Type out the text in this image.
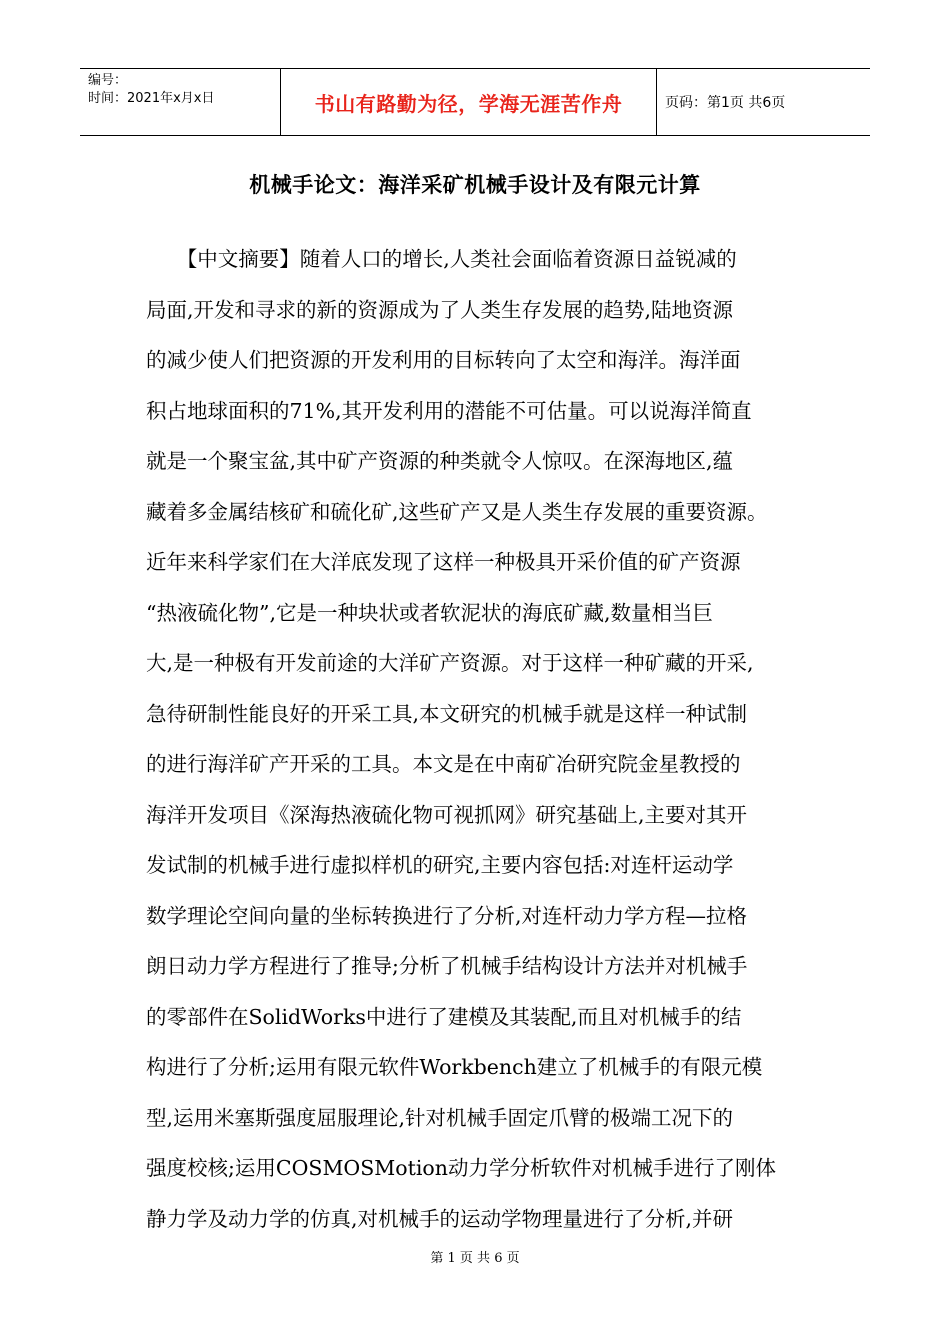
编号：
时间：2021年x月x日	书山有路勤为径，学海无涯苦作舟	页码：第1页 共6页
机械手论文：海洋采矿机械手设计及有限元计算
　　【中文摘要】随着人口的增长,人类社会面临着资源日益锐减的
局面,开发和寻求的新的资源成为了人类生存发展的趋势,陆地资源
的减少使人们把资源的开发利用的目标转向了太空和海洋。海洋面
积占地球面积的71%,其开发利用的潜能不可估量。可以说海洋简直
就是一个聚宝盆,其中矿产资源的种类就令人惊叹。在深海地区,蕴
藏着多金属结核矿和硫化矿,这些矿产又是人类生存发展的重要资源。
近年来科学家们在大洋底发现了这样一种极具开采价值的矿产资源
“热液硫化物”,它是一种块状或者软泥状的海底矿藏,数量相当巨
大,是一种极有开发前途的大洋矿产资源。对于这样一种矿藏的开采,
急待研制性能良好的开采工具,本文研究的机械手就是这样一种试制
的进行海洋矿产开采的工具。本文是在中南矿冶研究院金星教授的
海洋开发项目《深海热液硫化物可视抓网》研究基础上,主要对其开
发试制的机械手进行虚拟样机的研究,主要内容包括:对连杆运动学
数学理论空间向量的坐标转换进行了分析,对连杆动力学方程—拉格
朗日动力学方程进行了推导;分析了机械手结构设计方法并对机械手
的零部件在SolidWorks中进行了建模及其装配,而且对机械手的结
构进行了分析;运用有限元软件Workbench建立了机械手的有限元模
型,运用米塞斯强度屈服理论,针对机械手固定爪臂的极端工况下的
强度校核;运用COSMOSMotion动力学分析软件对机械手进行了刚体
静力学及动力学的仿真,对机械手的运动学物理量进行了分析,并研
第 1 页 共 6 页
